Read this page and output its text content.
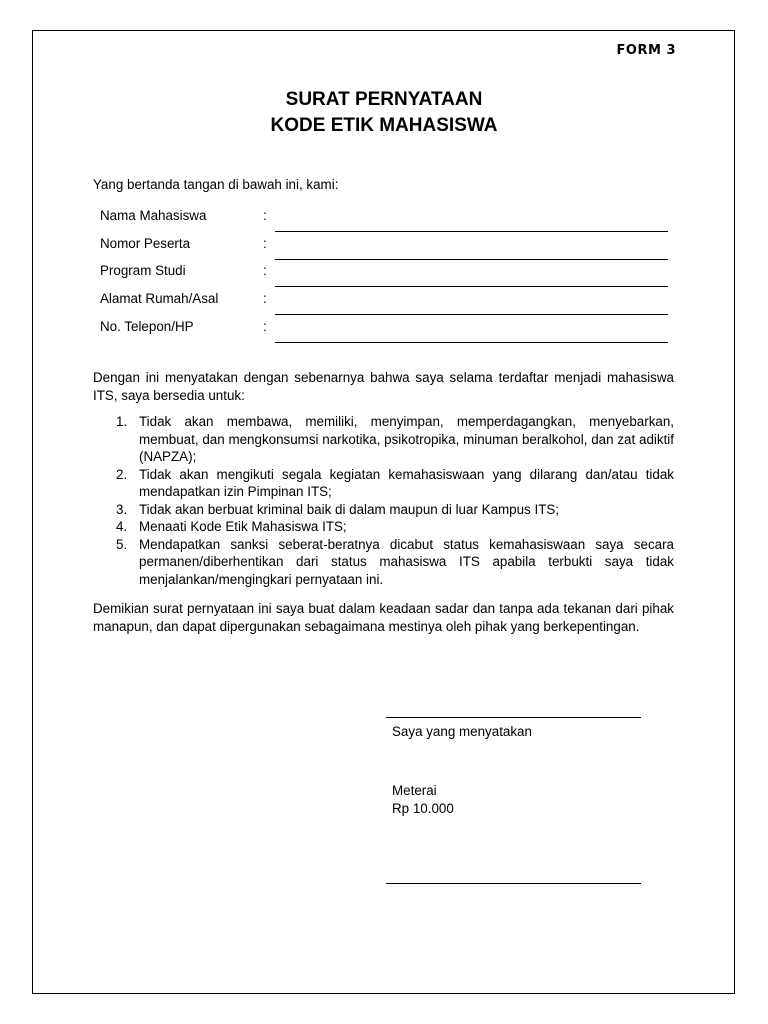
FORM 3
SURAT PERNYATAAN
KODE ETIK MAHASISWA
Yang bertanda tangan di bawah ini, kami:
Nama Mahasiswa	:
Nomor Peserta	:
Program Studi	:
Alamat Rumah/Asal	:
No. Telepon/HP	:
Dengan ini menyatakan dengan sebenarnya bahwa saya selama terdaftar menjadi mahasiswa ITS, saya bersedia untuk:
1. Tidak akan membawa, memiliki, menyimpan, memperdagangkan, menyebarkan, membuat, dan mengkonsumsi narkotika, psikotropika, minuman beralkohol, dan zat adiktif (NAPZA);
2. Tidak akan mengikuti segala kegiatan kemahasiswaan yang dilarang dan/atau tidak mendapatkan izin Pimpinan ITS;
3. Tidak akan berbuat kriminal baik di dalam maupun di luar Kampus ITS;
4. Menaati Kode Etik Mahasiswa ITS;
5. Mendapatkan sanksi seberat-beratnya dicabut status kemahasiswaan saya secara permanen/diberhentikan dari status mahasiswa ITS apabila terbukti saya tidak menjalankan/mengingkari pernyataan ini.
Demikian surat pernyataan ini saya buat dalam keadaan sadar dan tanpa ada tekanan dari pihak manapun, dan dapat dipergunakan sebagaimana mestinya oleh pihak yang berkepentingan.
Saya yang menyatakan
Meterai
Rp 10.000
